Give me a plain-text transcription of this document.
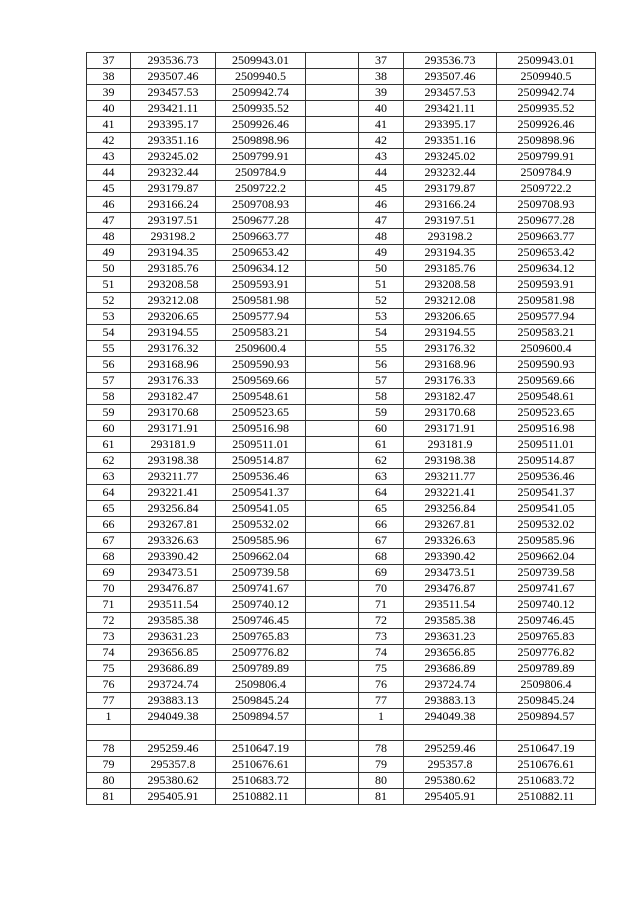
37	293536.73	2509943.01		37	293536.73	2509943.01
38	293507.46	2509940.5		38	293507.46	2509940.5
39	293457.53	2509942.74		39	293457.53	2509942.74
40	293421.11	2509935.52		40	293421.11	2509935.52
41	293395.17	2509926.46		41	293395.17	2509926.46
42	293351.16	2509898.96		42	293351.16	2509898.96
43	293245.02	2509799.91		43	293245.02	2509799.91
44	293232.44	2509784.9		44	293232.44	2509784.9
45	293179.87	2509722.2		45	293179.87	2509722.2
46	293166.24	2509708.93		46	293166.24	2509708.93
47	293197.51	2509677.28		47	293197.51	2509677.28
48	293198.2	2509663.77		48	293198.2	2509663.77
49	293194.35	2509653.42		49	293194.35	2509653.42
50	293185.76	2509634.12		50	293185.76	2509634.12
51	293208.58	2509593.91		51	293208.58	2509593.91
52	293212.08	2509581.98		52	293212.08	2509581.98
53	293206.65	2509577.94		53	293206.65	2509577.94
54	293194.55	2509583.21		54	293194.55	2509583.21
55	293176.32	2509600.4		55	293176.32	2509600.4
56	293168.96	2509590.93		56	293168.96	2509590.93
57	293176.33	2509569.66		57	293176.33	2509569.66
58	293182.47	2509548.61		58	293182.47	2509548.61
59	293170.68	2509523.65		59	293170.68	2509523.65
60	293171.91	2509516.98		60	293171.91	2509516.98
61	293181.9	2509511.01		61	293181.9	2509511.01
62	293198.38	2509514.87		62	293198.38	2509514.87
63	293211.77	2509536.46		63	293211.77	2509536.46
64	293221.41	2509541.37		64	293221.41	2509541.37
65	293256.84	2509541.05		65	293256.84	2509541.05
66	293267.81	2509532.02		66	293267.81	2509532.02
67	293326.63	2509585.96		67	293326.63	2509585.96
68	293390.42	2509662.04		68	293390.42	2509662.04
69	293473.51	2509739.58		69	293473.51	2509739.58
70	293476.87	2509741.67		70	293476.87	2509741.67
71	293511.54	2509740.12		71	293511.54	2509740.12
72	293585.38	2509746.45		72	293585.38	2509746.45
73	293631.23	2509765.83		73	293631.23	2509765.83
74	293656.85	2509776.82		74	293656.85	2509776.82
75	293686.89	2509789.89		75	293686.89	2509789.89
76	293724.74	2509806.4		76	293724.74	2509806.4
77	293883.13	2509845.24		77	293883.13	2509845.24
1	294049.38	2509894.57		1	294049.38	2509894.57

78	295259.46	2510647.19		78	295259.46	2510647.19
79	295357.8	2510676.61		79	295357.8	2510676.61
80	295380.62	2510683.72		80	295380.62	2510683.72
81	295405.91	2510882.11		81	295405.91	2510882.11
